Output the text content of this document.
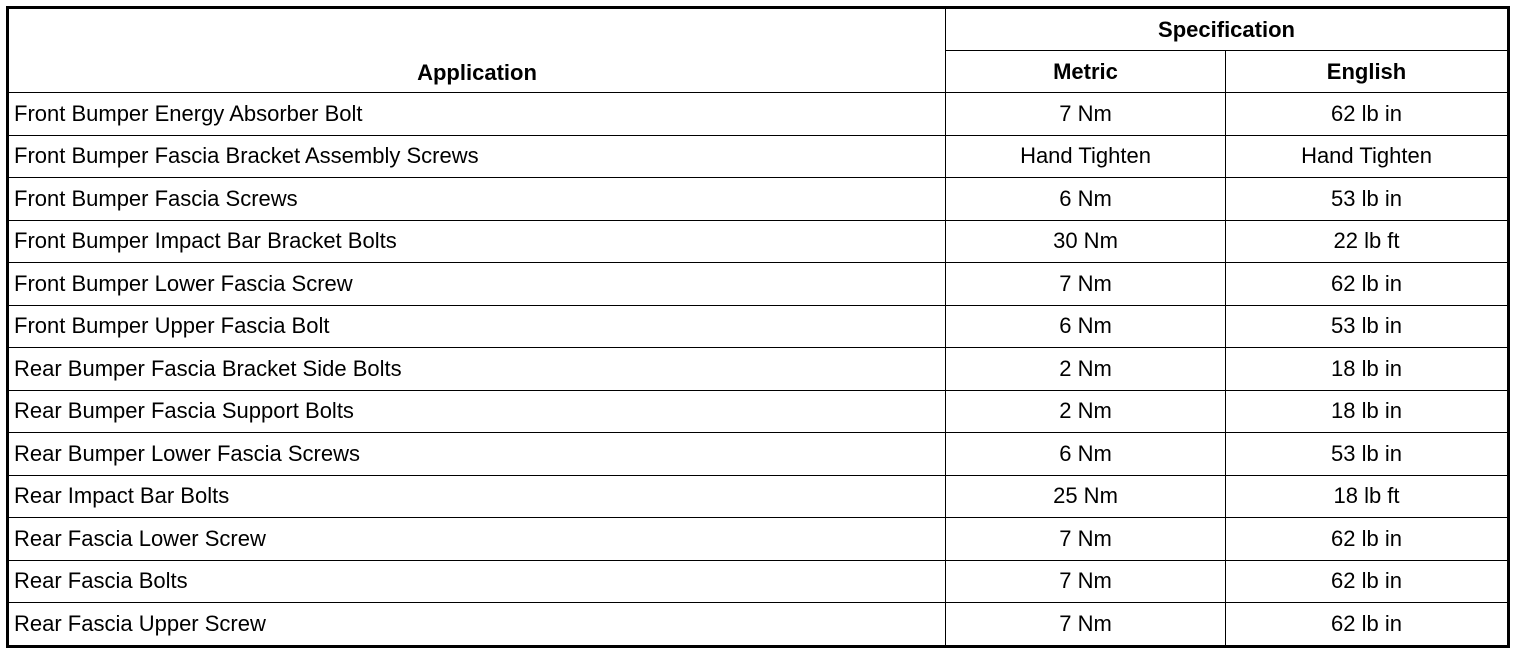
Application	Specification	
	Metric	English
Front Bumper Energy Absorber Bolt	7 Nm	62 lb in
Front Bumper Fascia Bracket Assembly Screws	Hand Tighten	Hand Tighten
Front Bumper Fascia Screws	6 Nm	53 lb in
Front Bumper Impact Bar Bracket Bolts	30 Nm	22 lb ft
Front Bumper Lower Fascia Screw	7 Nm	62 lb in
Front Bumper Upper Fascia Bolt	6 Nm	53 lb in
Rear Bumper Fascia Bracket Side Bolts	2 Nm	18 lb in
Rear Bumper Fascia Support Bolts	2 Nm	18 lb in
Rear Bumper Lower Fascia Screws	6 Nm	53 lb in
Rear Impact Bar Bolts	25 Nm	18 lb ft
Rear Fascia Lower Screw	7 Nm	62 lb in
Rear Fascia Bolts	7 Nm	62 lb in
Rear Fascia Upper Screw	7 Nm	62 lb in
